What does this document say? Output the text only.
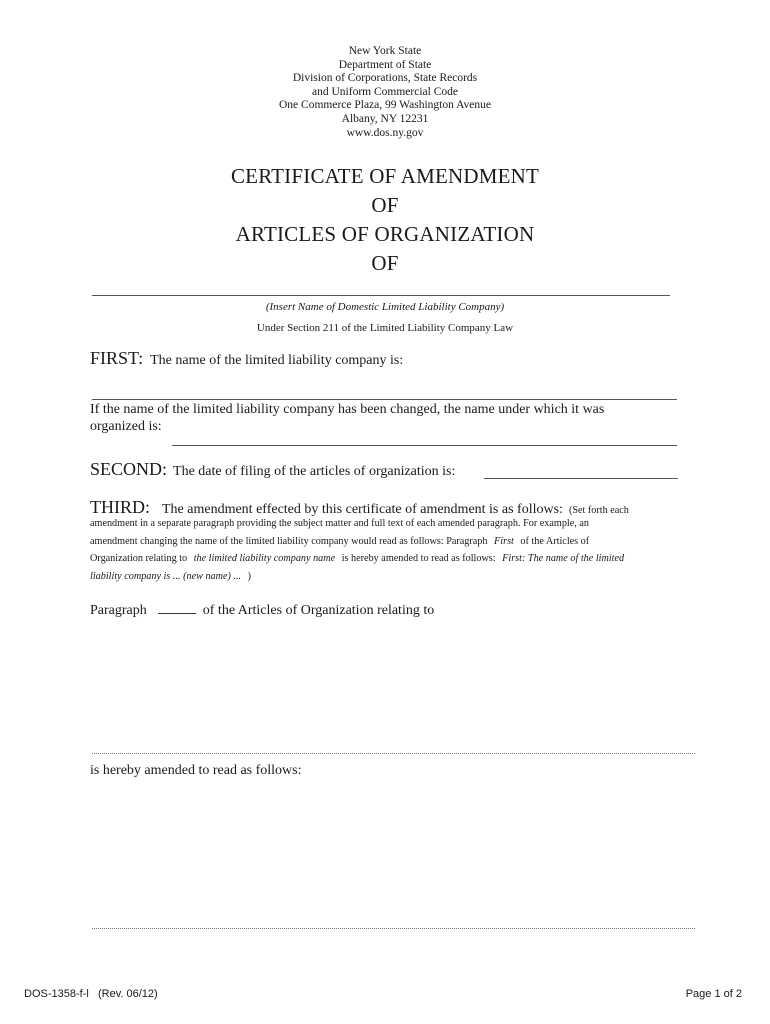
New York State
Department of State
Division of Corporations, State Records
and Uniform Commercial Code
One Commerce Plaza, 99 Washington Avenue
Albany, NY 12231
www.dos.ny.gov
CERTIFICATE OF AMENDMENT
OF
ARTICLES OF ORGANIZATION
OF
(Insert Name of Domestic Limited Liability Company)
Under Section 211 of the Limited Liability Company Law
FIRST: The name of the limited liability company is:
If the name of the limited liability company has been changed, the name under which it was
organized is:
SECOND: The date of filing of the articles of organization is:
THIRD: The amendment effected by this certificate of amendment is as follows: (Set forth each
amendment in a separate paragraph providing the subject matter and full text of each amended paragraph. For example, an
amendment changing the name of the limited liability company would read as follows: Paragraph First of the Articles of
Organization relating to the limited liability company name is hereby amended to read as follows: First: The name of the limited
liability company is ... (new name) ... )
Paragraph	of the Articles of Organization relating to
is hereby amended to read as follows:
DOS-1358-f-l   (Rev. 06/12)	Page 1 of 2
